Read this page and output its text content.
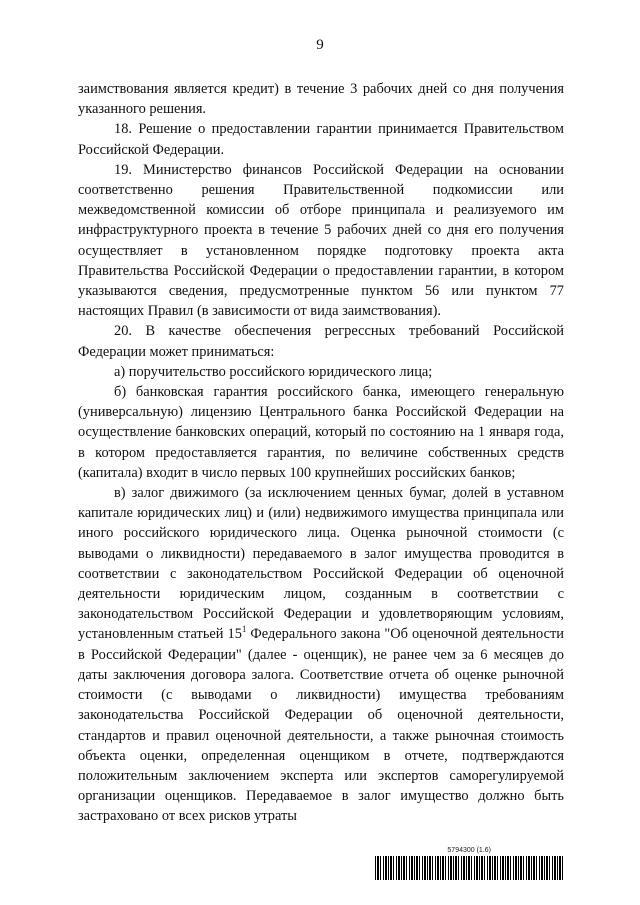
9

заимствования является кредит) в течение 3 рабочих дней со дня получения указанного решения.

18. Решение о предоставлении гарантии принимается Правительством Российской Федерации.

19. Министерство финансов Российской Федерации на основании соответственно решения Правительственной подкомиссии или межведомственной комиссии об отборе принципала и реализуемого им инфраструктурного проекта в течение 5 рабочих дней со дня его получения осуществляет в установленном порядке подготовку проекта акта Правительства Российской Федерации о предоставлении гарантии, в котором указываются сведения, предусмотренные пунктом 56 или пунктом 77 настоящих Правил (в зависимости от вида заимствования).

20. В качестве обеспечения регрессных требований Российской Федерации может приниматься:

а) поручительство российского юридического лица;

б) банковская гарантия российского банка, имеющего генеральную (универсальную) лицензию Центрального банка Российской Федерации на осуществление банковских операций, который по состоянию на 1 января года, в котором предоставляется гарантия, по величине собственных средств (капитала) входит в число первых 100 крупнейших российских банков;

в) залог движимого (за исключением ценных бумаг, долей в уставном капитале юридических лиц) и (или) недвижимого имущества принципала или иного российского юридического лица. Оценка рыночной стоимости (с выводами о ликвидности) передаваемого в залог имущества проводится в соответствии с законодательством Российской Федерации об оценочной деятельности юридическим лицом, созданным в соответствии с законодательством Российской Федерации и удовлетворяющим условиям, установленным статьей $15^1$ Федерального закона "Об оценочной деятельности в Российской Федерации" (далее - оценщик), не ранее чем за 6 месяцев до даты заключения договора залога. Соответствие отчета об оценке рыночной стоимости (с выводами о ликвидности) имущества требованиям законодательства Российской Федерации об оценочной деятельности, стандартов и правил оценочной деятельности, а также рыночная стоимость объекта оценки, определенная оценщиком в отчете, подтверждаются положительным заключением эксперта или экспертов саморегулируемой организации оценщиков. Передаваемое в залог имущество должно быть застраховано от всех рисков утраты

5794300 (1.6)
